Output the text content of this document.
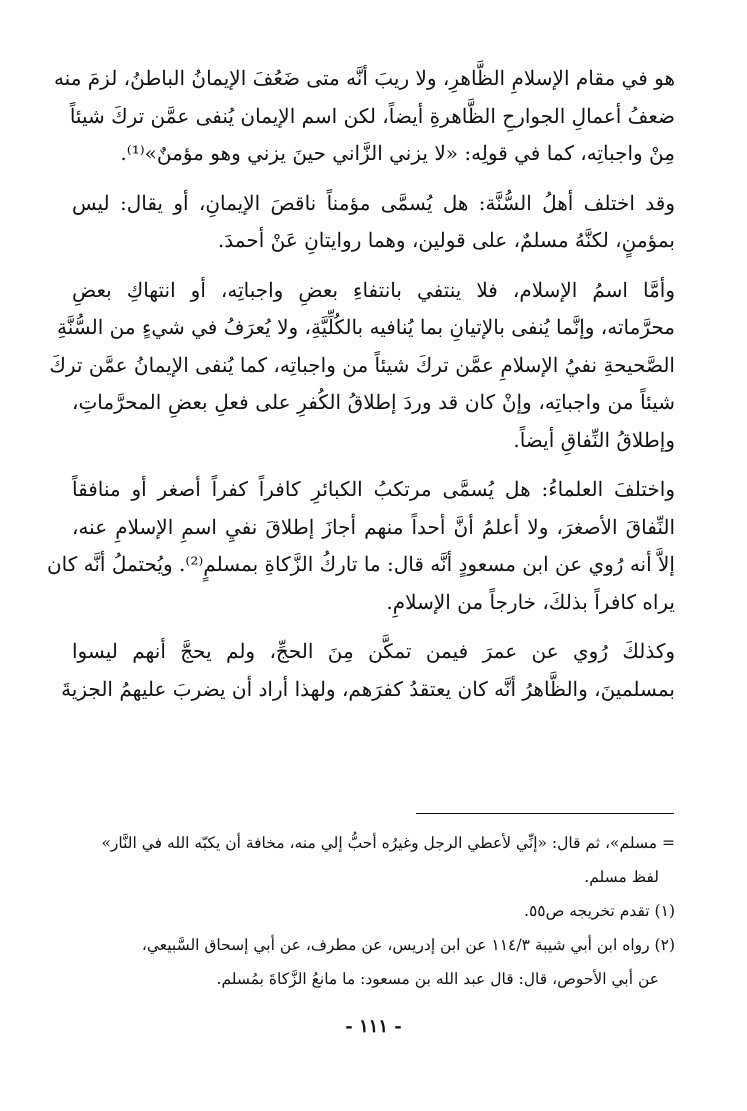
هو في مقام الإسلامِ الظَّاهرِ، ولا ريبَ أنَّه متى ضَعُفَ الإيمانُ الباطنُ، لزمَ منه
ضعفُ أعمالِ الجوارحِ الظَّاهرةِ أيضاً، لكن اسم الإيمان يُنفى عمَّن تركَ شيئاً
مِنْ واجباتِه، كما في قولِه: «لا يزني الزَّاني حينَ يزني وهو مؤمنٌ»⁽¹⁾.
وقد اختلف أهلُ السُّنَّة: هل يُسمَّى مؤمناً ناقصَ الإيمانِ، أو يقال: ليس
بمؤمنٍ، لكنَّهُ مسلمٌ، على قولين، وهما روايتانِ عَنْ أحمدَ.
وأمَّا اسمُ الإسلام، فلا ينتفي بانتفاءِ بعضِ واجباتِه، أو انتهاكِ بعضِ
محرَّماته، وإنَّما يُنفى بالإتيانِ بما يُنافيه بالكُلِّيَّةِ، ولا يُعرَفُ في شيءٍ من السُّنَّةِ
الصَّحيحةِ نفيُ الإسلامِ عمَّن تركَ شيئاً من واجباتِه، كما يُنفى الإيمانُ عمَّن تركَ
شيئاً من واجباتِه، وإنْ كان قد وردَ إطلاقُ الكُفرِ على فعلِ بعضِ المحرَّماتِ،
وإطلاقُ النِّفاقِ أيضاً.
واختلفَ العلماءُ: هل يُسمَّى مرتكبُ الكبائرِ كافراً كفراً أصغر أو منافقاً
النِّفاقَ الأصغرَ، ولا أعلمُ أنَّ أحداً منهم أجازَ إطلاقَ نفيِ اسمِ الإسلامِ عنه،
إلاَّ أنه رُوي عن ابن مسعودٍ أنَّه قال: ما تاركُ الزَّكاةِ بمسلمٍ⁽²⁾. ويُحتملُ أنَّه كان
يراه كافراً بذلكَ، خارجاً من الإسلامِ.
وكذلكَ رُوي عن عمرَ فيمن تمكَّن مِنَ الحجِّ، ولم يحجَّ أنهم ليسوا
بمسلمينَ، والظَّاهرُ أنَّه كان يعتقدُ كفرَهم، ولهذا أراد أن يضربَ عليهمُ الجزيةَ
= مسلم»، ثم قال: «إنِّي لأعطي الرجل وغيرُه أحبُّ إلي منه، مخافة أن يكبّه الله في النَّار»
لفظ مسلم.
(١) تقدم تخريجه ص٥٥.
(٢) رواه ابن أبي شيبة ١١٤/٣ عن ابن إدريس، عن مطرف، عن أبي إسحاق السَّبيعي،
عن أبي الأحوص، قال: قال عبد الله بن مسعود: ما مانعُ الزَّكاةَ بمُسلم.
- ١١١ -
